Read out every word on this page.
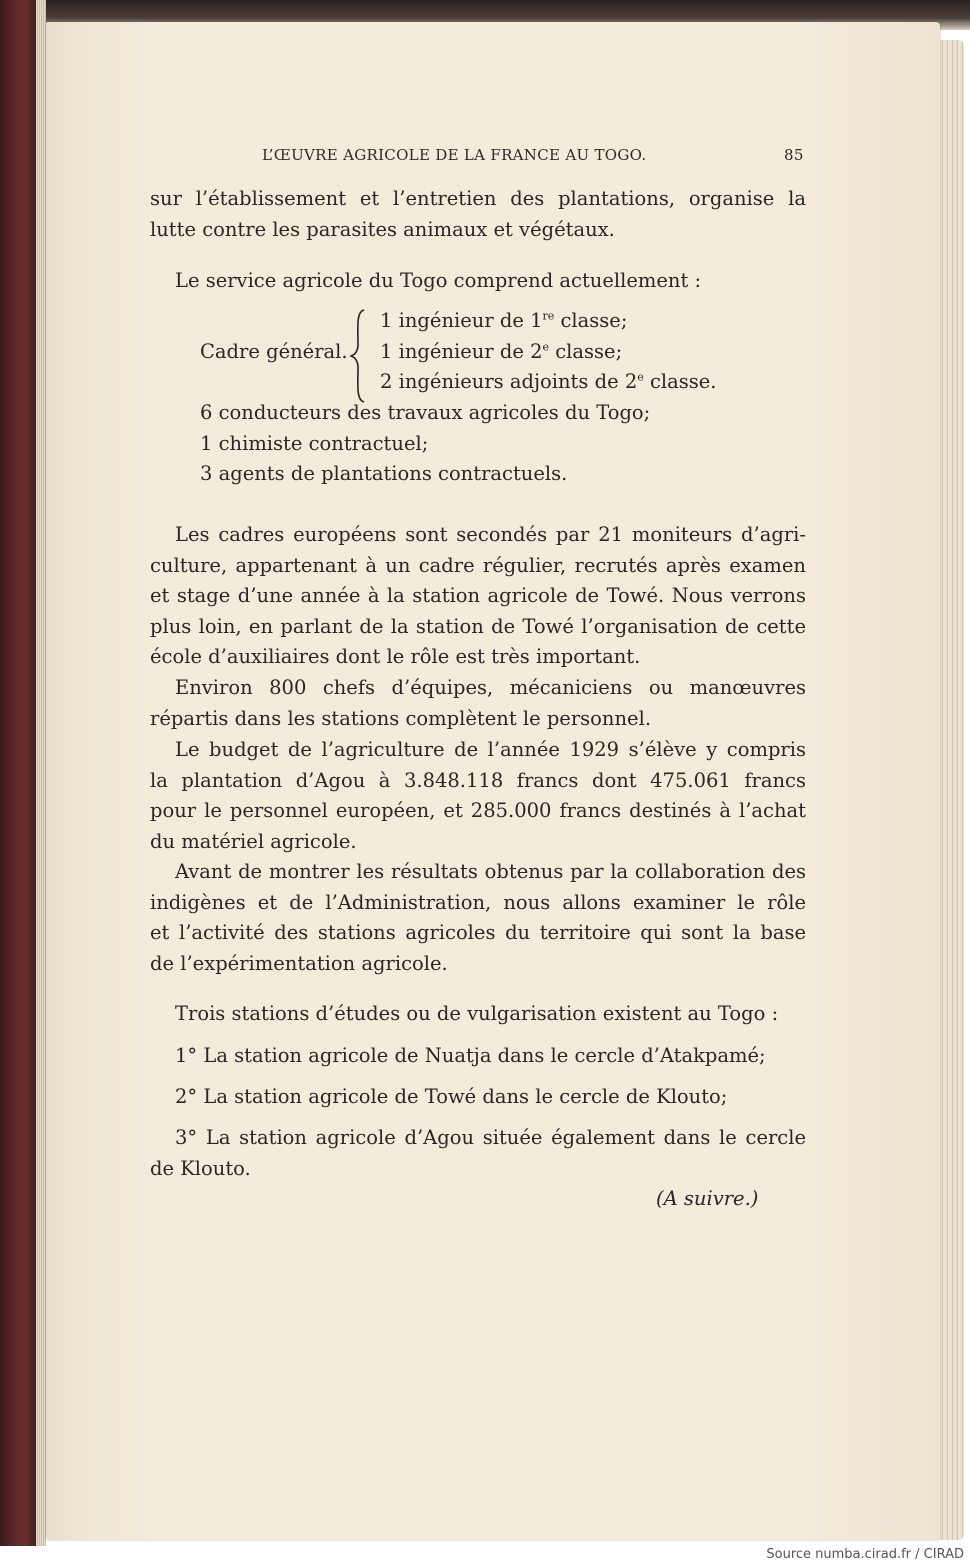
L’ŒUVRE AGRICOLE DE LA FRANCE AU TOGO.	85
sur l’établissement et l’entretien des plantations, organise la
lutte contre les parasites animaux et végétaux.
Le service agricole du Togo comprend actuellement :
Cadre général.
1 ingénieur de 1re classe;
1 ingénieur de 2e classe;
2 ingénieurs adjoints de 2e classe.
6 conducteurs des travaux agricoles du Togo;
1 chimiste contractuel;
3 agents de plantations contractuels.
Les cadres européens sont secondés par 21 moniteurs d’agri-
culture, appartenant à un cadre régulier, recrutés après examen
et stage d’une année à la station agricole de Towé. Nous verrons
plus loin, en parlant de la station de Towé l’organisation de cette
école d’auxiliaires dont le rôle est très important.
Environ 800 chefs d’équipes, mécaniciens ou manœuvres
répartis dans les stations complètent le personnel.
Le budget de l’agriculture de l’année 1929 s’élève y compris
la plantation d’Agou à 3.848.118 francs dont 475.061 francs
pour le personnel européen, et 285.000 francs destinés à l’achat
du matériel agricole.
Avant de montrer les résultats obtenus par la collaboration des
indigènes et de l’Administration, nous allons examiner le rôle
et l’activité des stations agricoles du territoire qui sont la base
de l’expérimentation agricole.
Trois stations d’études ou de vulgarisation existent au Togo :
1° La station agricole de Nuatja dans le cercle d’Atakpamé;
2° La station agricole de Towé dans le cercle de Klouto;
3° La station agricole d’Agou située également dans le cercle
de Klouto.
(A suivre.)
Source numba.cirad.fr / CIRAD
